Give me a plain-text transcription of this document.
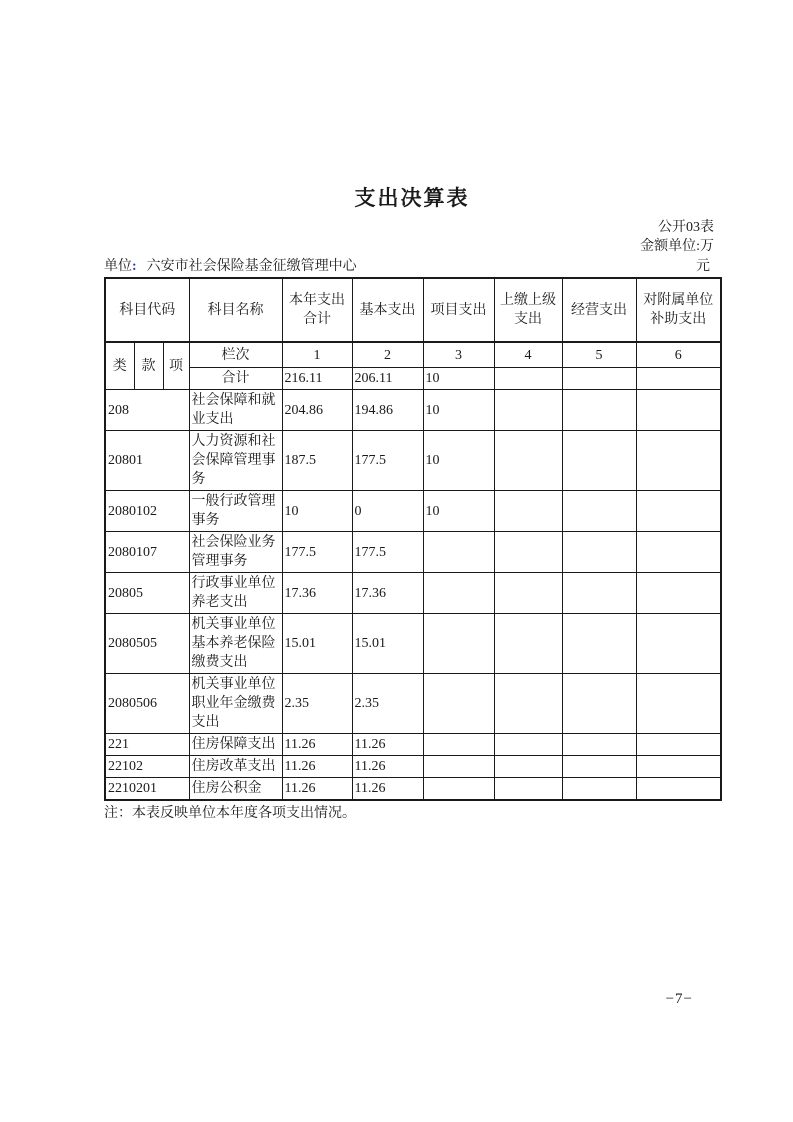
支出决算表
公开03表
金额单位:万
单位: 六安市社会保险基金征缴管理中心	元
科目代码			科目名称	本年支出合计	基本支出	项目支出	上缴上级支出	经营支出	对附属单位补助支出
类	款	项	栏次	1	2	3	4	5	6
			合计	216.11	206.11	10			
208			社会保障和就业支出	204.86	194.86	10			
20801			人力资源和社会保障管理事务	187.5	177.5	10			
2080102			一般行政管理事务	10	0	10			
2080107			社会保险业务管理事务	177.5	177.5				
20805			行政事业单位养老支出	17.36	17.36				
2080505			机关事业单位基本养老保险缴费支出	15.01	15.01				
2080506			机关事业单位职业年金缴费支出	2.35	2.35				
221			住房保障支出	11.26	11.26				
22102			住房改革支出	11.26	11.26				
2210201			住房公积金	11.26	11.26				
注：本表反映单位本年度各项支出情况。
−7−
